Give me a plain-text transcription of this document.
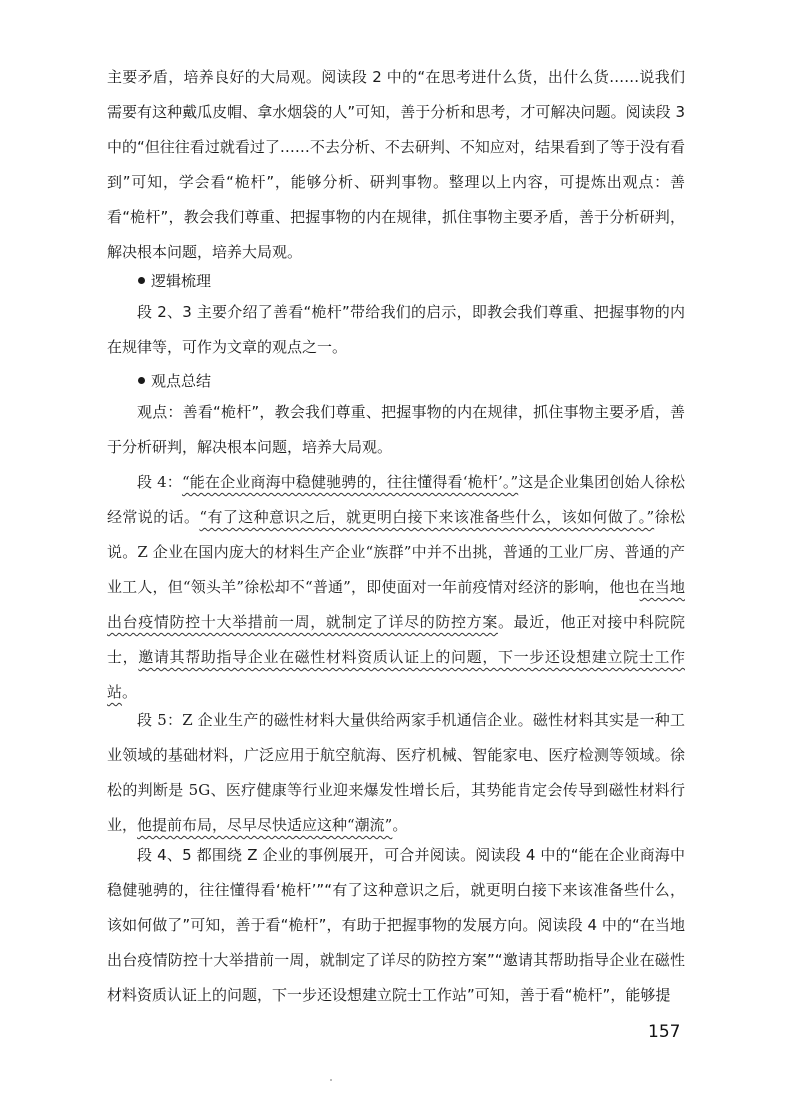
主要矛盾，培养良好的大局观。阅读段 2 中的“在思考进什么货，出什么货……说我们需要有这种戴瓜皮帽、拿水烟袋的人”可知，善于分析和思考，才可解决问题。阅读段 3 中的“但往往看过就看过了……不去分析、不去研判、不知应对，结果看到了等于没有看到”可知，学会看“桅杆”，能够分析、研判事物。整理以上内容，可提炼出观点：善看“桅杆”，教会我们尊重、把握事物的内在规律，抓住事物主要矛盾，善于分析研判，解决根本问题，培养大局观。

逻辑梳理

段 2、3 主要介绍了善看“桅杆”带给我们的启示，即教会我们尊重、把握事物的内在规律等，可作为文章的观点之一。

观点总结

观点：善看“桅杆”，教会我们尊重、把握事物的内在规律，抓住事物主要矛盾，善于分析研判，解决根本问题，培养大局观。

段 4：“能在企业商海中稳健驰骋的，往往懂得看‘桅杆’。”这是企业集团创始人徐松经常说的话。“有了这种意识之后，就更明白接下来该准备些什么，该如何做了。”徐松说。Z 企业在国内庞大的材料生产企业“族群”中并不出挑，普通的工业厂房、普通的产业工人，但“领头羊”徐松却不“普通”，即使面对一年前疫情对经济的影响，他也在当地出台疫情防控十大举措前一周，就制定了详尽的防控方案。最近，他正对接中科院院士，邀请其帮助指导企业在磁性材料资质认证上的问题，下一步还设想建立院士工作站。

段 5：Z 企业生产的磁性材料大量供给两家手机通信企业。磁性材料其实是一种工业领域的基础材料，广泛应用于航空航海、医疗机械、智能家电、医疗检测等领域。徐松的判断是 5G、医疗健康等行业迎来爆发性增长后，其势能肯定会传导到磁性材料行业，他提前布局，尽早尽快适应这种“潮流”。

段 4、5 都围绕 Z 企业的事例展开，可合并阅读。阅读段 4 中的“能在企业商海中稳健驰骋的，往往懂得看‘桅杆’”“有了这种意识之后，就更明白接下来该准备些什么，该如何做了”可知，善于看“桅杆”，有助于把握事物的发展方向。阅读段 4 中的“在当地出台疫情防控十大举措前一周，就制定了详尽的防控方案”“邀请其帮助指导企业在磁性材料资质认证上的问题，下一步还设想建立院士工作站”可知，善于看“桅杆”，能够提

157
